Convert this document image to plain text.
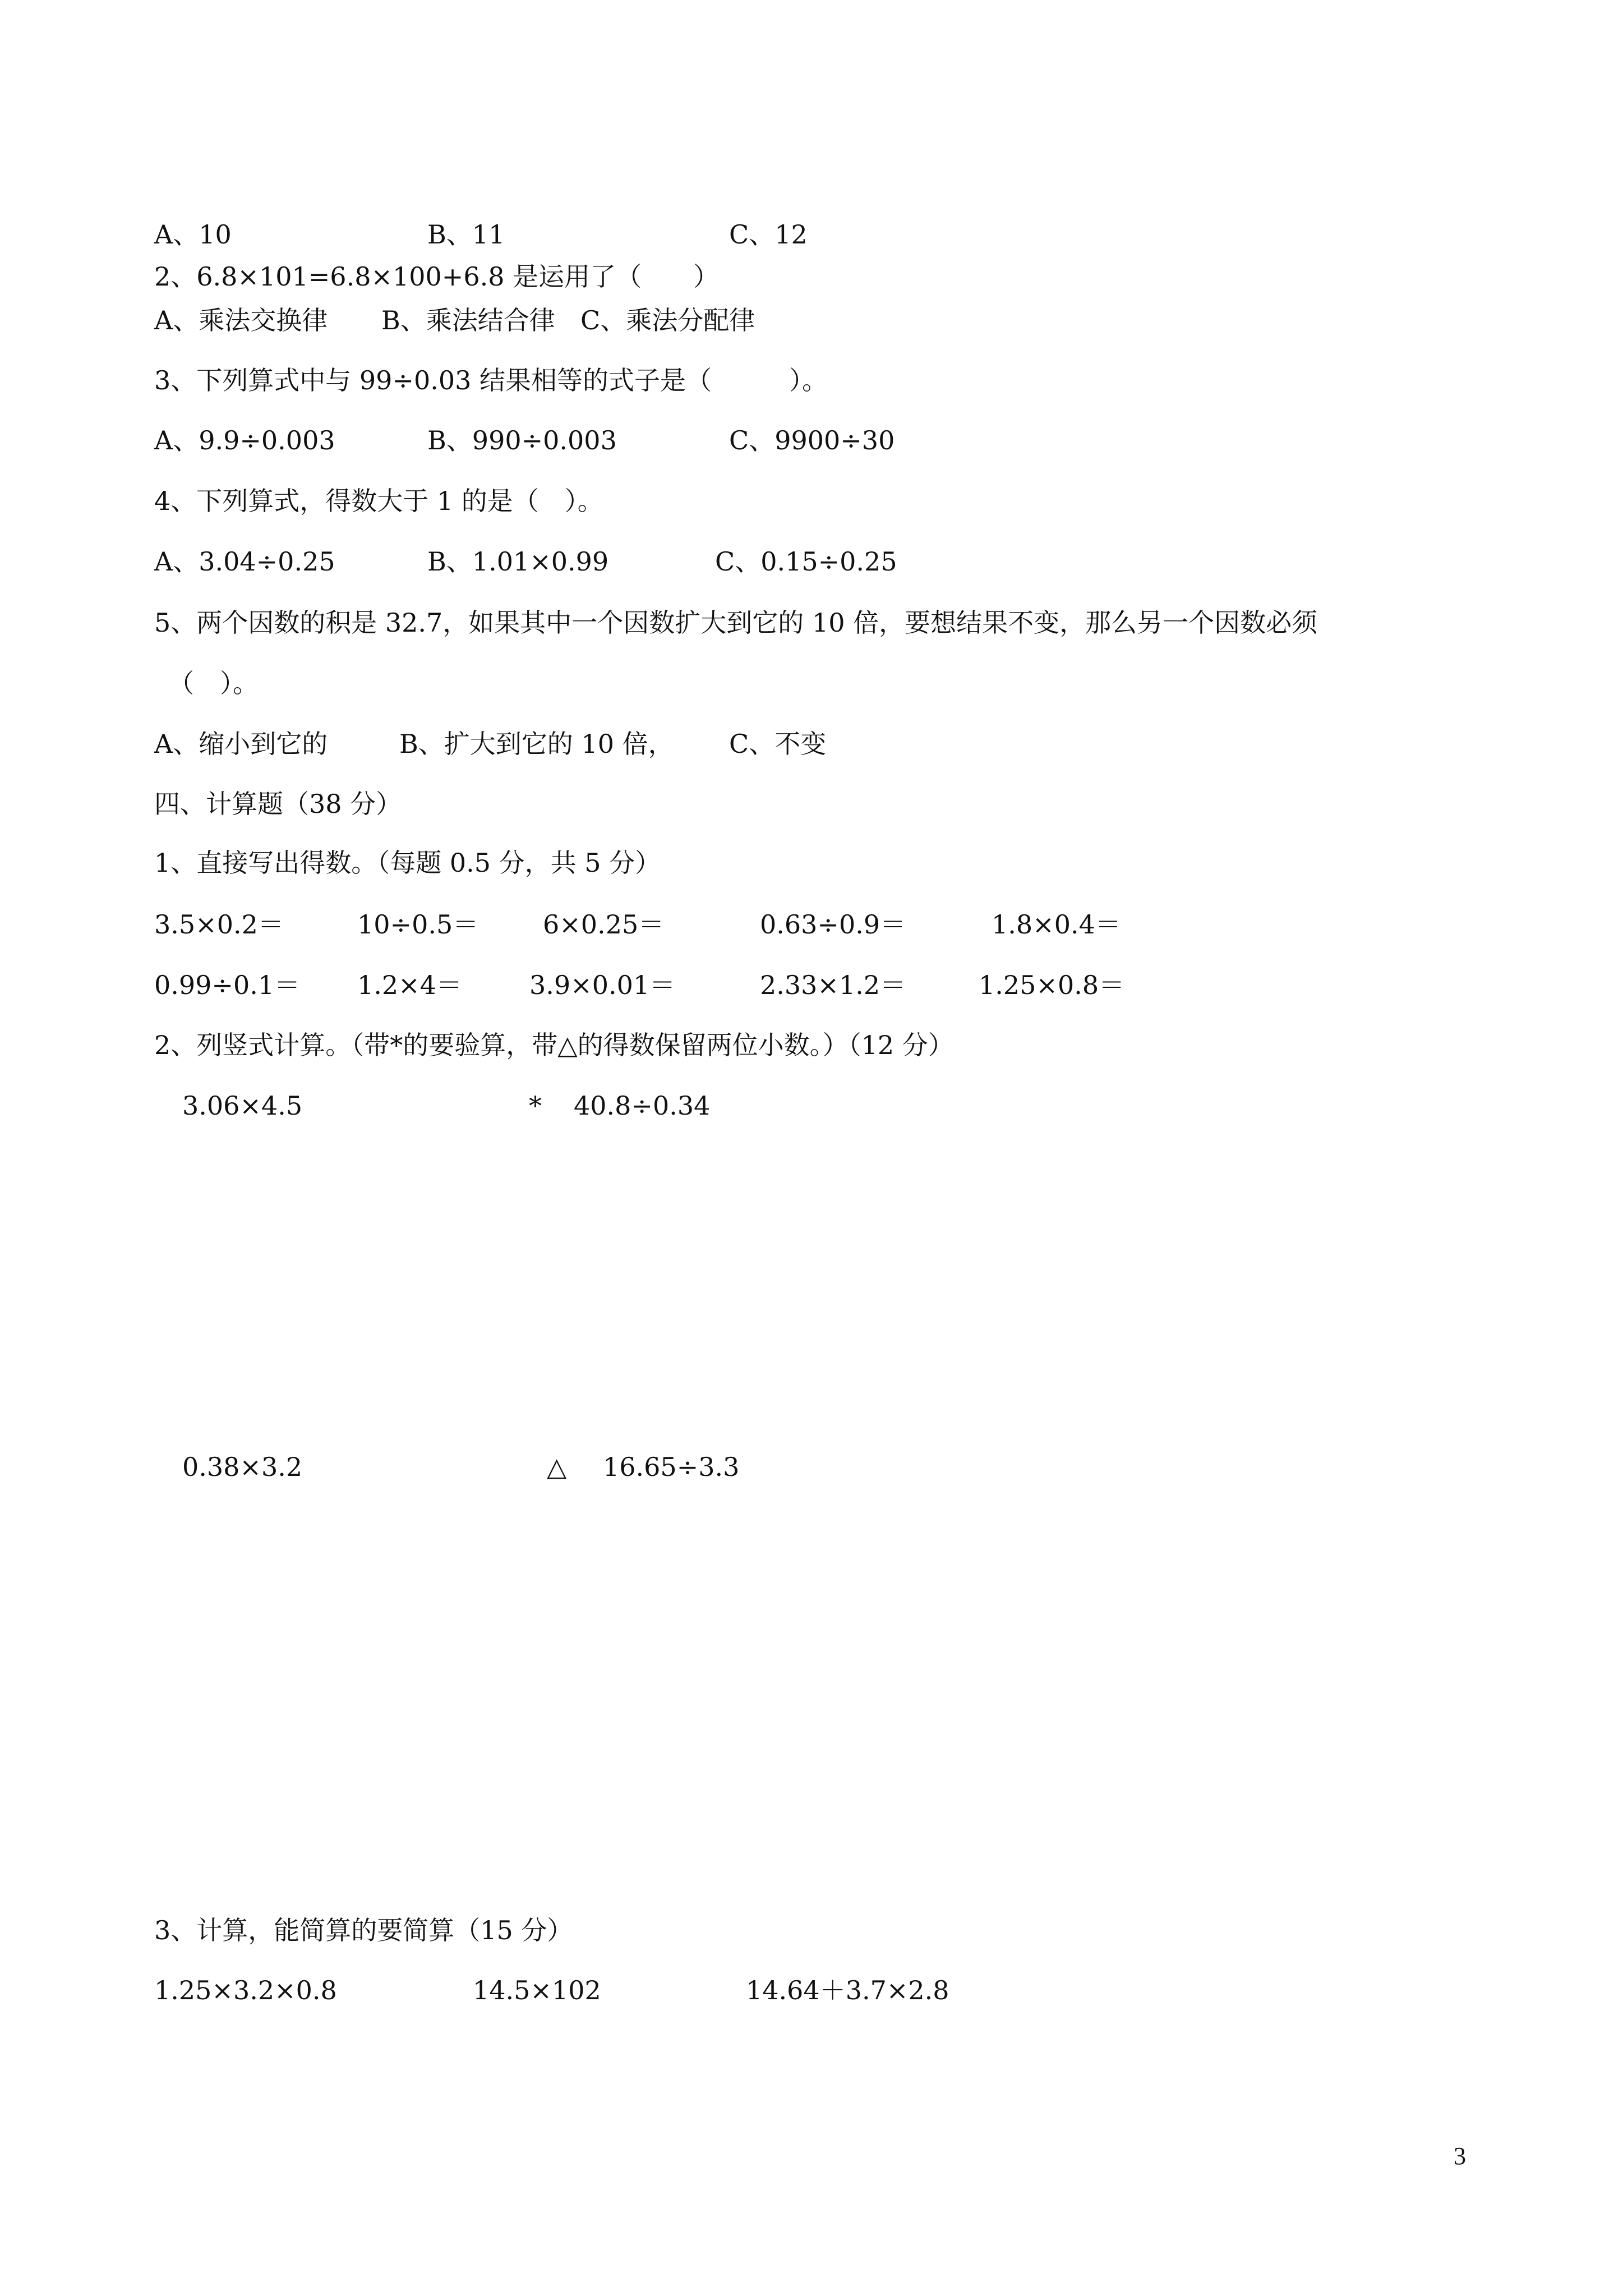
A、10	B、11	C、12
2、6.8×101=6.8×100+6.8 是运用了（　　）
A、乘法交换律 B、乘法结合律 C、乘法分配律
3、下列算式中与 99÷0.03 结果相等的式子是（　　　）。
A、9.9÷0.003	B、990÷0.003	C、9900÷30
4、下列算式，得数大于 1 的是（　）。
A、3.04÷0.25	B、1.01×0.99	C、0.15÷0.25
5、两个因数的积是 32.7，如果其中一个因数扩大到它的 10 倍，要想结果不变，那么另一个因数必须
（　）。
A、缩小到它的	B、扩大到它的 10 倍， C、不变
四、计算题（38 分）
1、直接写出得数。（每题 0.5 分，共 5 分）
3.5×0.2＝	10÷0.5＝ 6×0.25＝	0.63÷0.9＝	1.8×0.4＝
0.99÷0.1＝ 1.2×4＝	3.9×0.01＝	2.33×1.2＝	1.25×0.8＝
2、列竖式计算。（带*的要验算，带△的得数保留两位小数。）（12 分）
3.06×4.5	* 40.8÷0.34
0.38×3.2	△ 16.65÷3.3
3、计算，能简算的要简算（15 分）
1.25×3.2×0.8	14.5×102	14.64＋3.7×2.8
3
